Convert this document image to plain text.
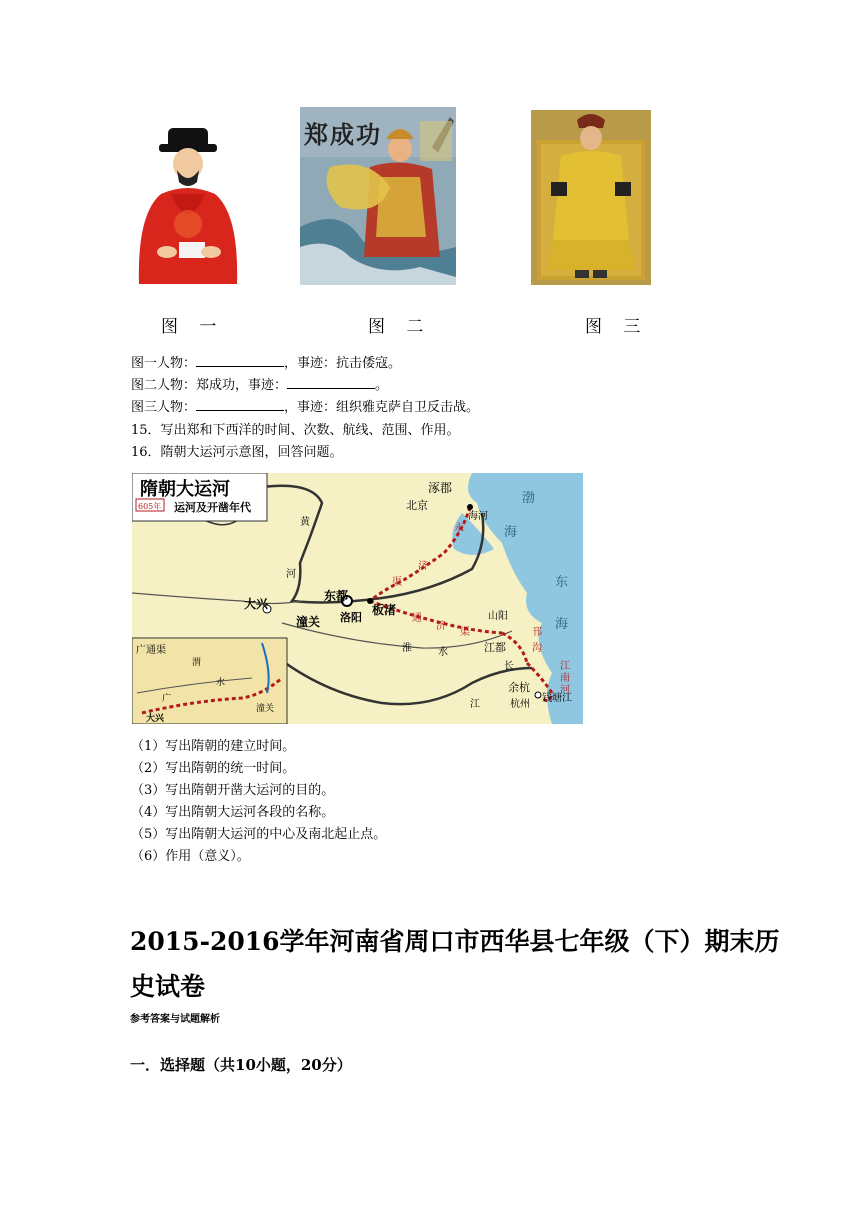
郑成功
图 一	图 二	图 三
图一人物：	，事迹：抗击倭寇。
图二人物：郑成功，事迹：	。
图三人物：	，事迹：组织雅克萨自卫反击战。
15．写出郑和下西洋的时间、次数、航线、范围、作用。
16．隋朝大运河示意图，回答问题。
隋朝大运河
605年 运河及开凿年代
广通渠
涿郡
北京
海河
渤
海
东
海
黄
河
大兴
潼关
东都
洛阳
板渚	山阳
江都
余杭
杭州
钱塘江
永
济
渠
通
济
渠	邗
沟
江
南
河
淮	水
长
江
渭
水
广
潼关
大兴
（1）写出隋朝的建立时间。
（2）写出隋朝的统一时间。
（3）写出隋朝开凿大运河的目的。
（4）写出隋朝大运河各段的名称。
（5）写出隋朝大运河的中心及南北起止点。
（6）作用（意义）。
2015-2016学年河南省周口市西华县七年级（下）期末历
史试卷
参考答案与试题解析
一．选择题（共10小题，20分）
